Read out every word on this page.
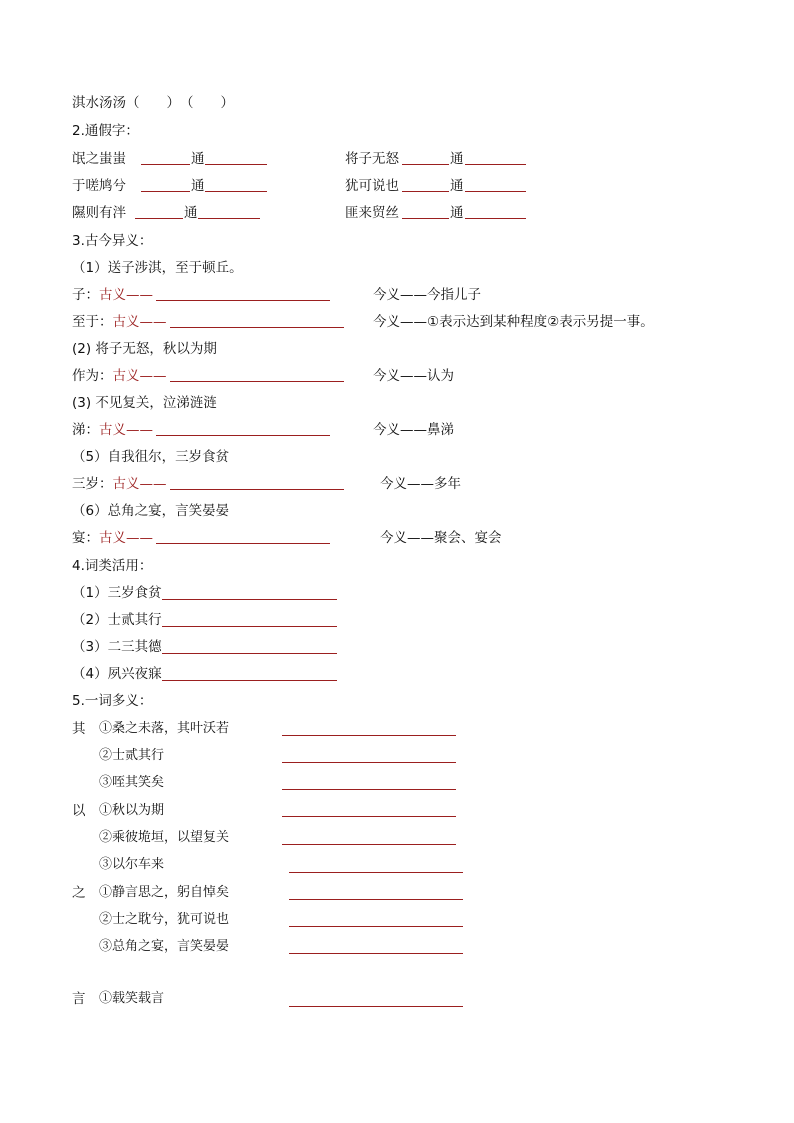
淇水汤汤（　　）　（　　）
2.通假字：
氓之蚩蚩	通	将子无怒	通
于嗟鸠兮	通	犹可说也	通
隰则有泮	通	匪来贸丝	通
3.古今异义：
（1）送子涉淇，至于顿丘。
子：古义——	今义——今指儿子
至于：古义——	今义——①表示达到某种程度②表示另提一事。
(2) 将子无怒，秋以为期
作为：古义——	今义——认为
(3) 不见复关，泣涕涟涟
涕：古义——	今义——鼻涕
（5）自我徂尔，三岁食贫
三岁：古义——	今义——多年
（6）总角之宴，言笑晏晏
宴：古义——	今义——聚会、宴会
4.词类活用：
（1）三岁食贫
（2）士贰其行
（3）二三其德
（4）夙兴夜寐
5.一词多义：
其 ①桑之未落，其叶沃若
②士贰其行
③咥其笑矣
以 ①秋以为期
②乘彼垝垣，以望复关
③以尔车来
之 ①静言思之，躬自悼矣
②士之耽兮，犹可说也
③总角之宴，言笑晏晏
言 ①载笑载言
